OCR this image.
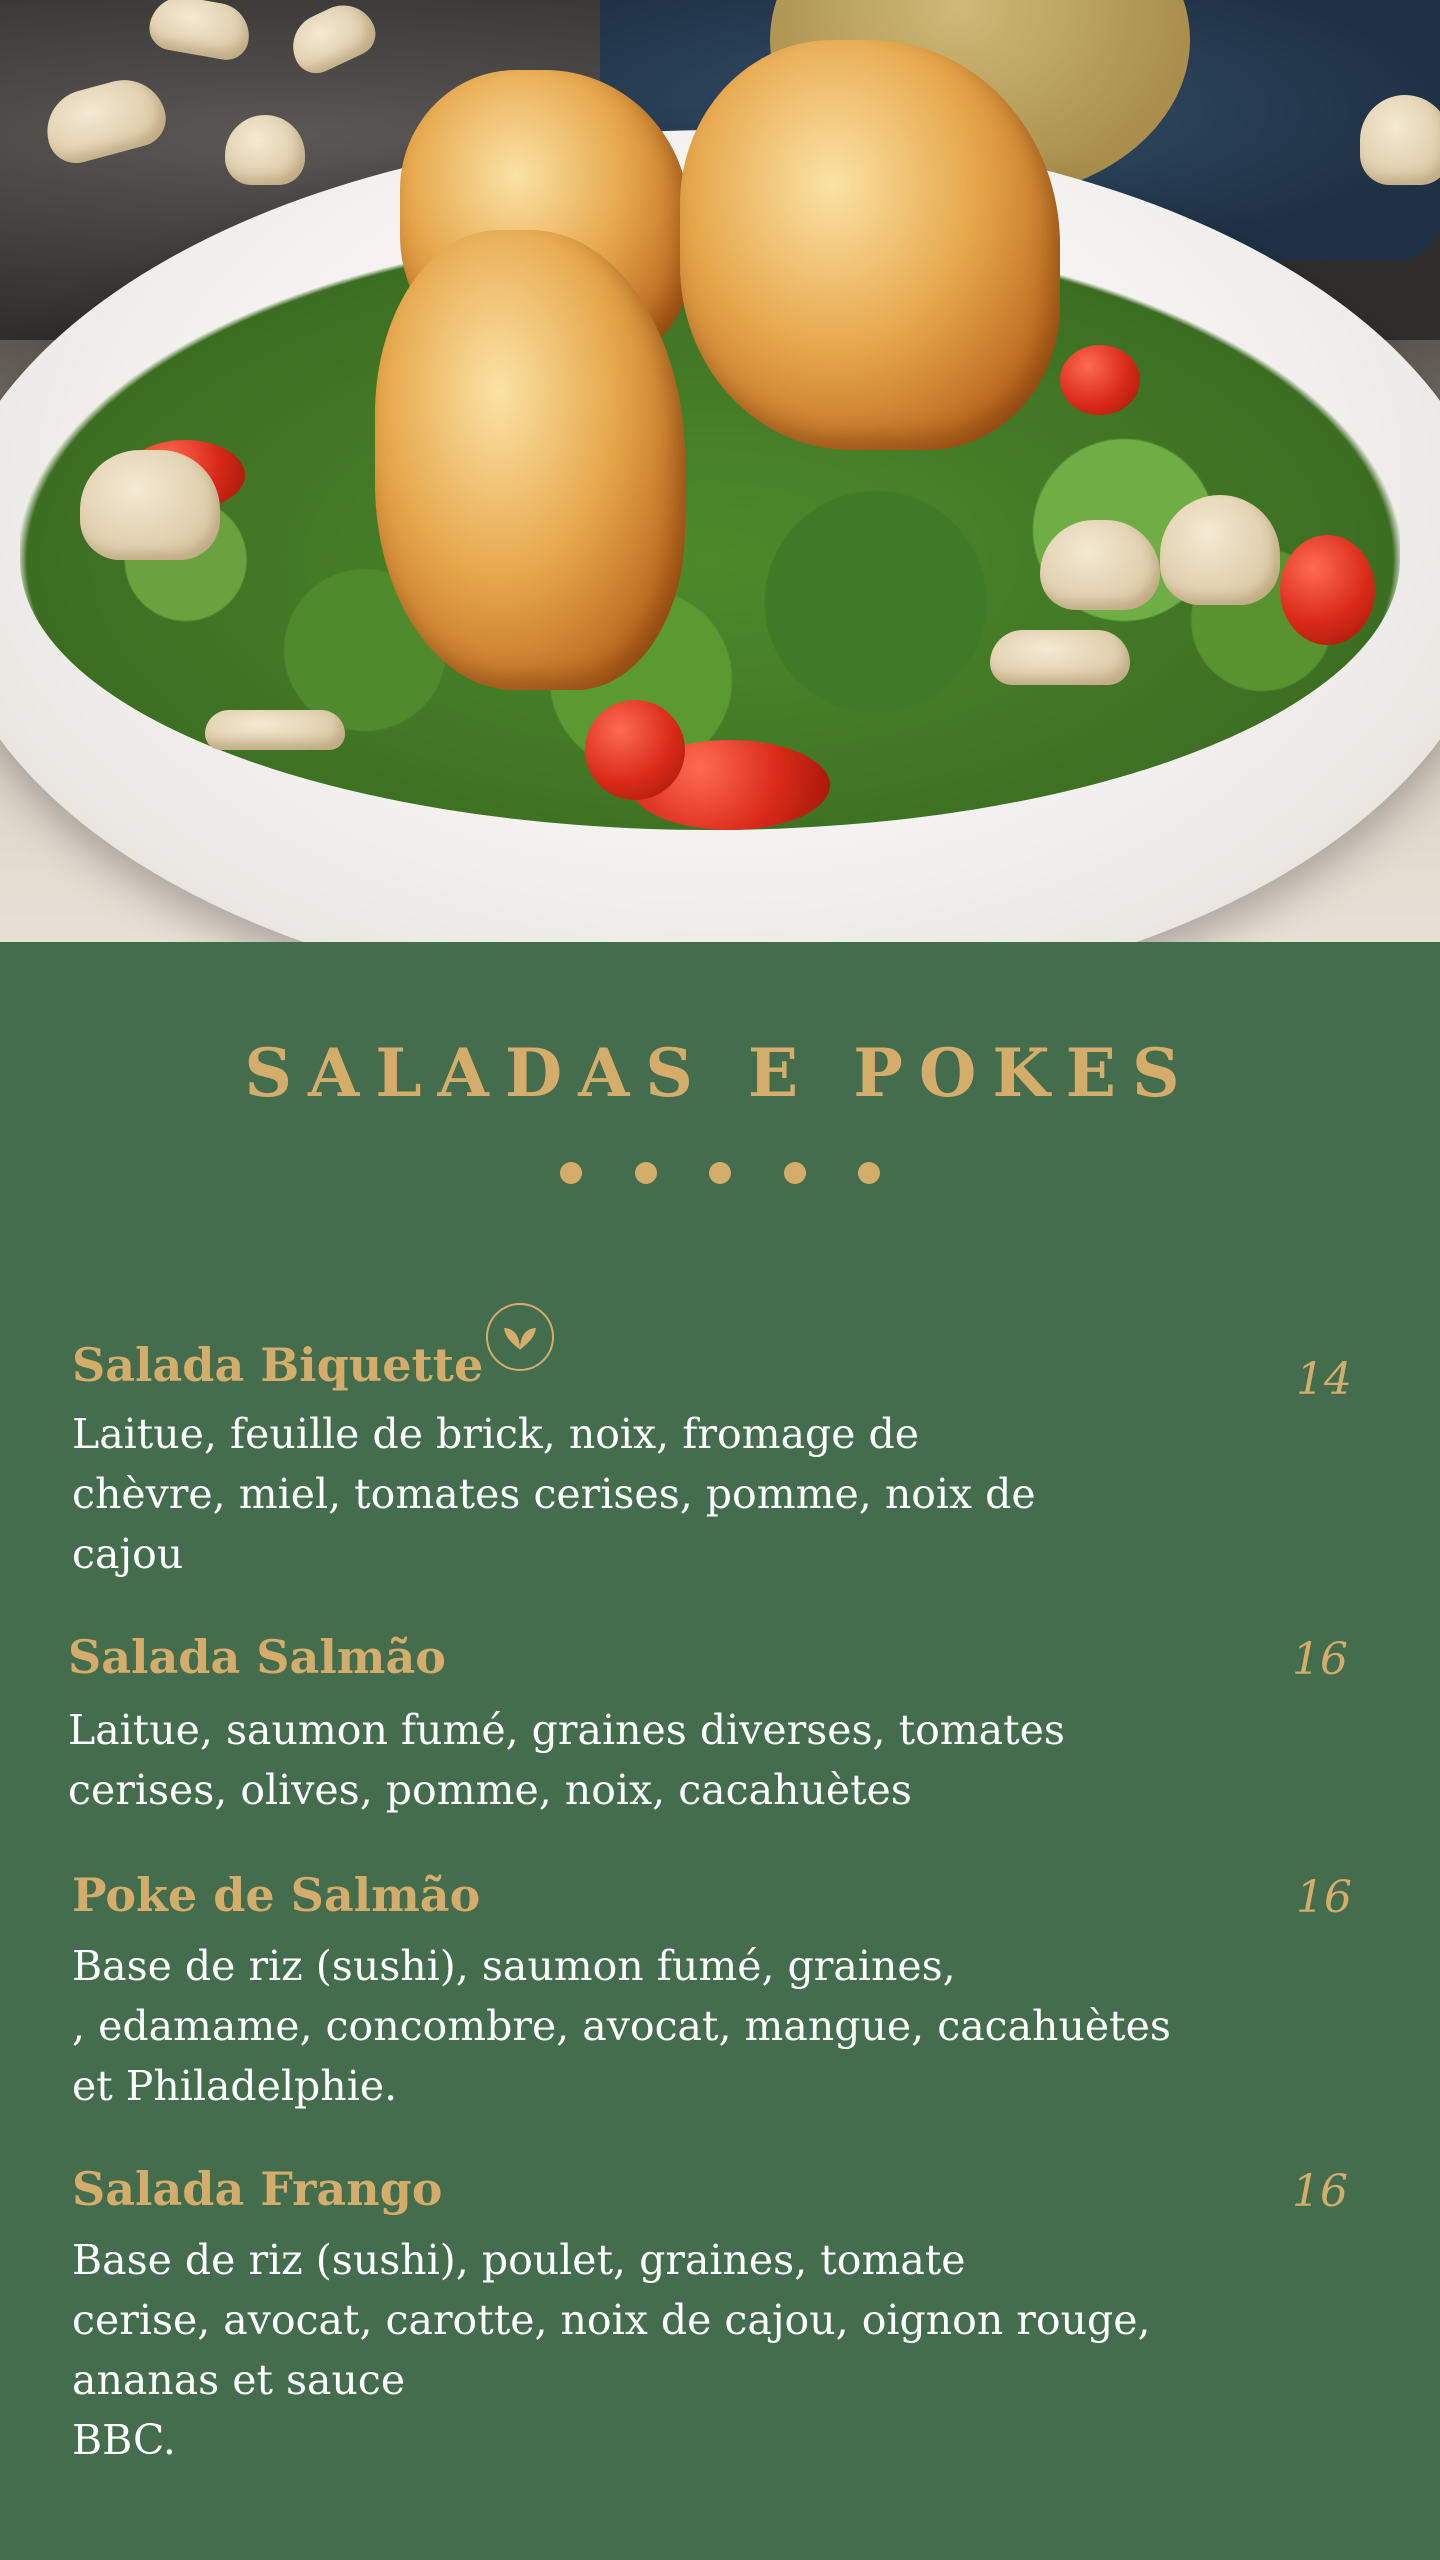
SALADAS E POKES
Salada Biquette	14

Laitue, feuille de brick, noix, fromage de
chèvre, miel, tomates cerises, pomme, noix de
cajou

Salada Salmão	16

Laitue, saumon fumé, graines diverses, tomates
cerises, olives, pomme, noix, cacahuètes

Poke de Salmão	16

Base de riz (sushi), saumon fumé, graines,
, edamame, concombre, avocat, mangue, cacahuètes
et Philadelphie.

Salada Frango	16

Base de riz (sushi), poulet, graines, tomate
cerise, avocat, carotte, noix de cajou, oignon rouge,
ananas et sauce
BBC.
